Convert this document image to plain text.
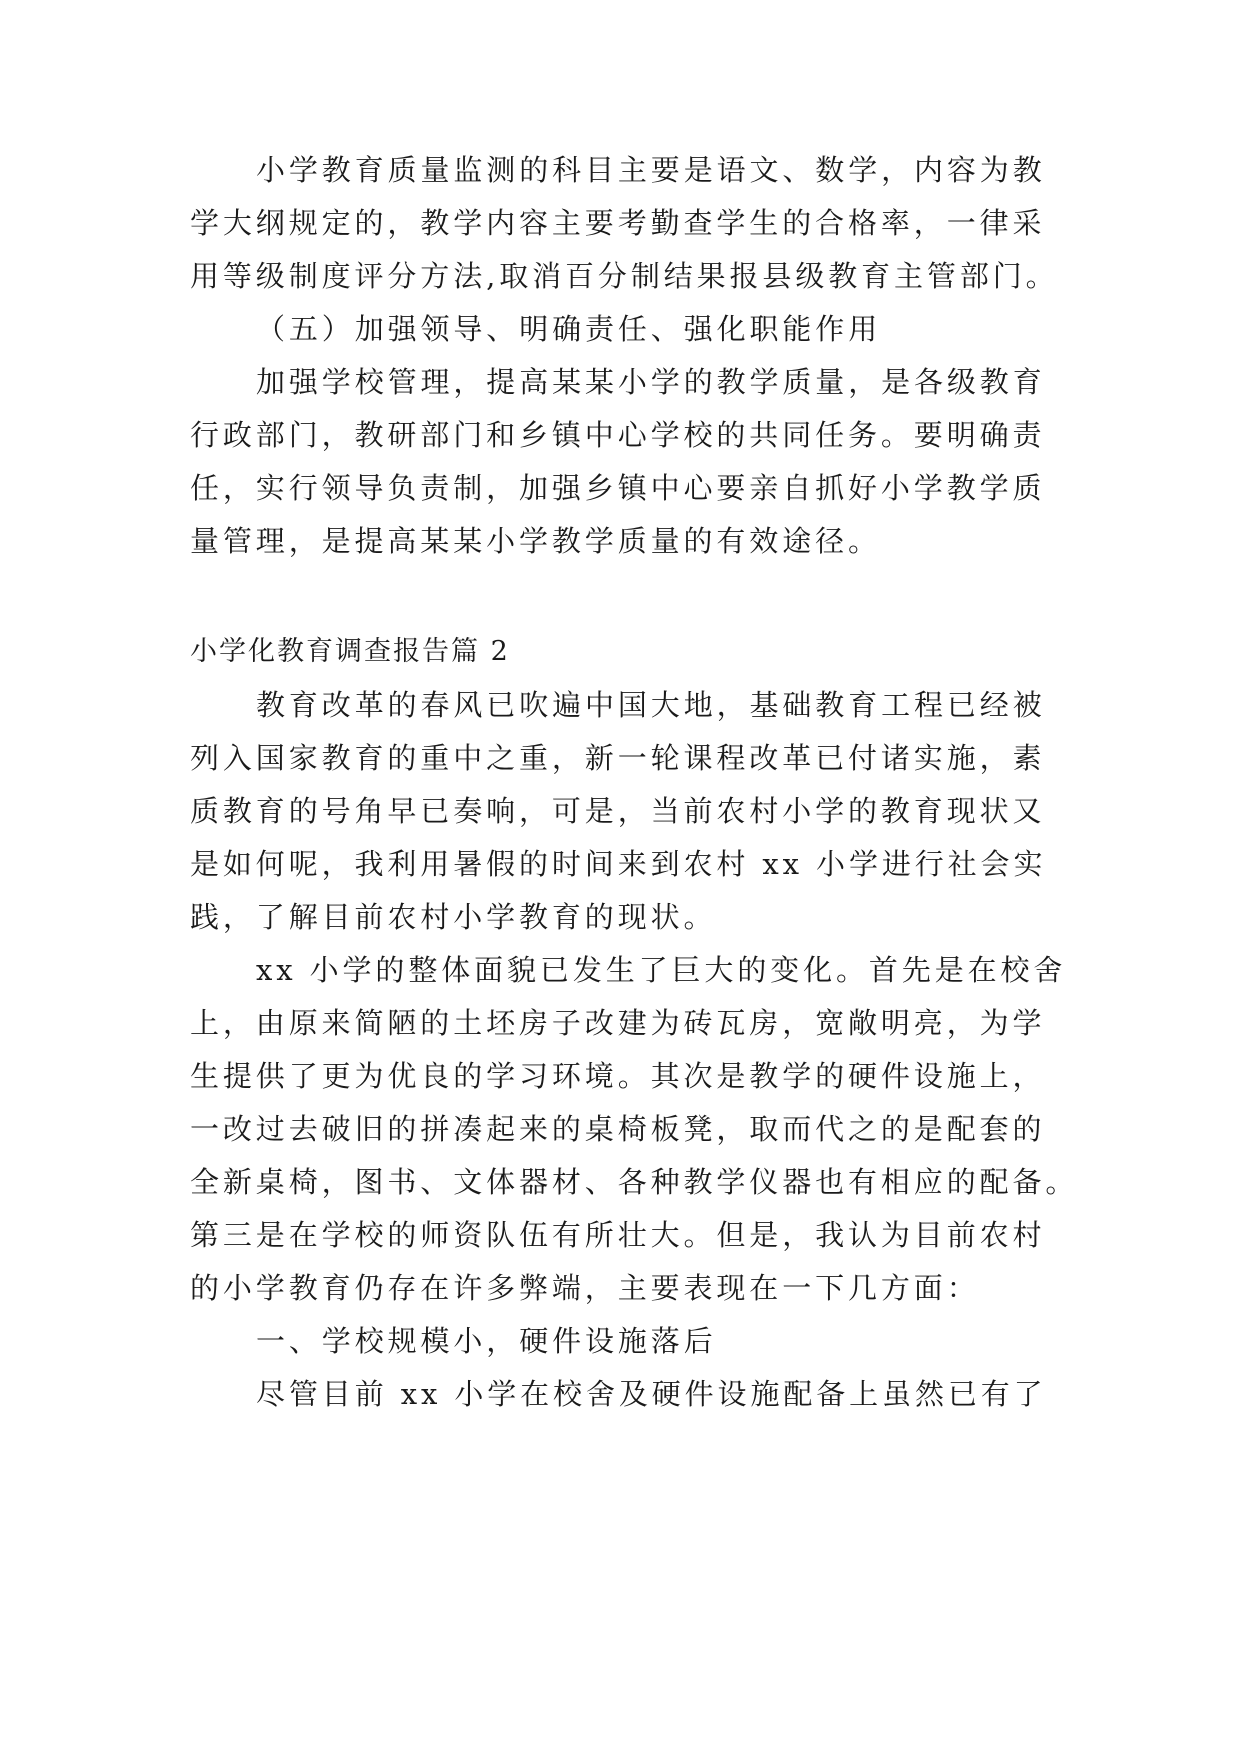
小学教育质量监测的科目主要是语文、数学，内容为教
学大纲规定的，教学内容主要考勤查学生的合格率，一律采
用等级制度评分方法,取消百分制结果报县级教育主管部门。
（五）加强领导、明确责任、强化职能作用
加强学校管理，提高某某小学的教学质量，是各级教育
行政部门，教研部门和乡镇中心学校的共同任务。要明确责
任，实行领导负责制，加强乡镇中心要亲自抓好小学教学质
量管理，是提高某某小学教学质量的有效途径。
小学化教育调查报告篇 2
教育改革的春风已吹遍中国大地，基础教育工程已经被
列入国家教育的重中之重，新一轮课程改革已付诸实施，素
质教育的号角早已奏响，可是，当前农村小学的教育现状又
是如何呢，我利用暑假的时间来到农村 xx 小学进行社会实
践，了解目前农村小学教育的现状。
xx 小学的整体面貌已发生了巨大的变化。首先是在校舍
上，由原来简陋的土坯房子改建为砖瓦房，宽敞明亮，为学
生提供了更为优良的学习环境。其次是教学的硬件设施上，
一改过去破旧的拼凑起来的桌椅板凳，取而代之的是配套的
全新桌椅，图书、文体器材、各种教学仪器也有相应的配备。
第三是在学校的师资队伍有所壮大。但是，我认为目前农村
的小学教育仍存在许多弊端，主要表现在一下几方面：
一、学校规模小，硬件设施落后
尽管目前 xx 小学在校舍及硬件设施配备上虽然已有了
